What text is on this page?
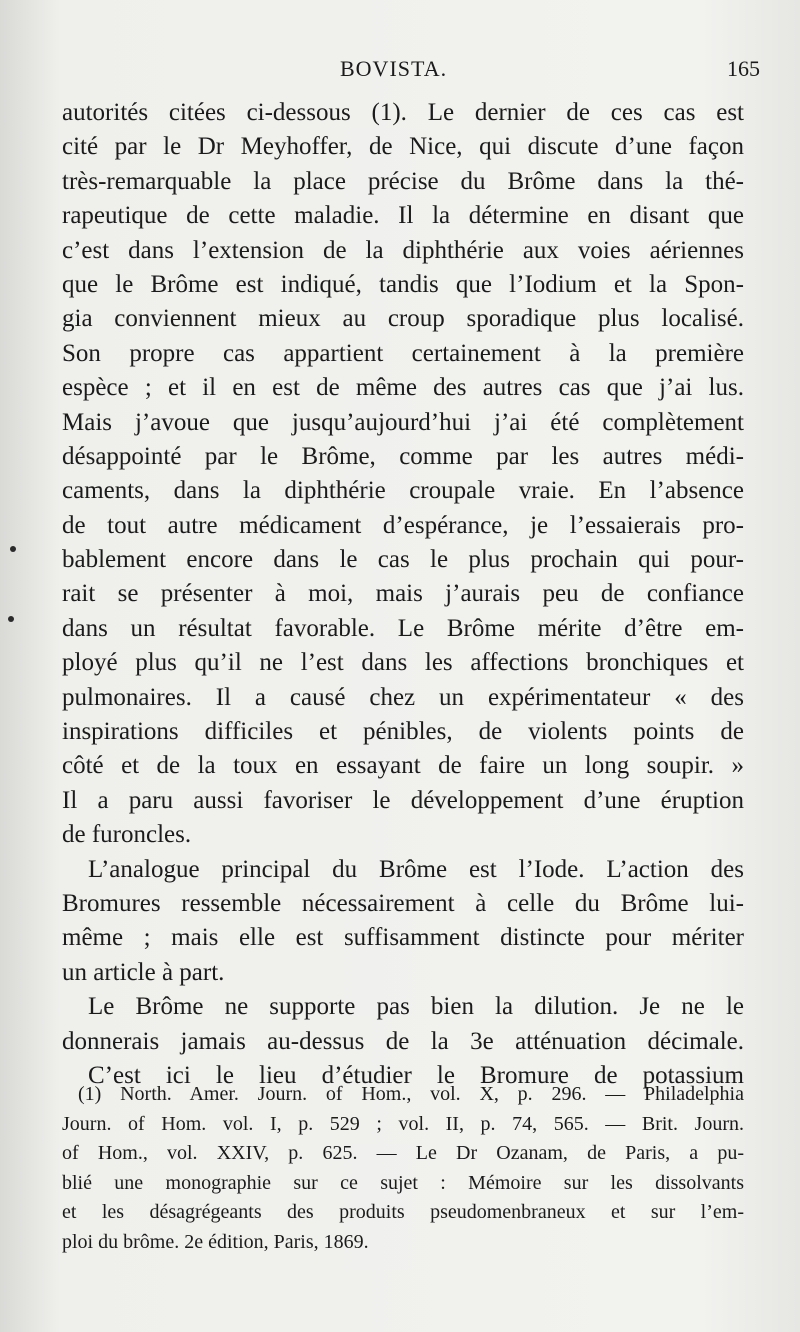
BOVISTA.	165
autorités citées ci-dessous (1). Le dernier de ces cas est
cité par le Dr Meyhoffer, de Nice, qui discute d’une façon
très-remarquable la place précise du Brôme dans la thé-
rapeutique de cette maladie. Il la détermine en disant que
c’est dans l’extension de la diphthérie aux voies aériennes
que le Brôme est indiqué, tandis que l’Iodium et la Spon-
gia conviennent mieux au croup sporadique plus localisé.
Son propre cas appartient certainement à la première
espèce ; et il en est de même des autres cas que j’ai lus.
Mais j’avoue que jusqu’aujourd’hui j’ai été complètement
désappointé par le Brôme, comme par les autres médi-
caments, dans la diphthérie croupale vraie. En l’absence
de tout autre médicament d’espérance, je l’essaierais pro-
bablement encore dans le cas le plus prochain qui pour-
rait se présenter à moi, mais j’aurais peu de confiance
dans un résultat favorable. Le Brôme mérite d’être em-
ployé plus qu’il ne l’est dans les affections bronchiques et
pulmonaires. Il a causé chez un expérimentateur « des
inspirations difficiles et pénibles, de violents points de
côté et de la toux en essayant de faire un long soupir. »
Il a paru aussi favoriser le développement d’une éruption
de furoncles.
L’analogue principal du Brôme est l’Iode. L’action des
Bromures ressemble nécessairement à celle du Brôme lui-
même ; mais elle est suffisamment distincte pour mériter
un article à part.
Le Brôme ne supporte pas bien la dilution. Je ne le
donnerais jamais au-dessus de la 3e atténuation décimale.
C’est ici le lieu d’étudier le Bromure de potassium
(1) North. Amer. Journ. of Hom., vol. X, p. 296. — Philadelphia
Journ. of Hom. vol. I, p. 529 ; vol. II, p. 74, 565. — Brit. Journ.
of Hom., vol. XXIV, p. 625. — Le Dr Ozanam, de Paris, a pu-
blié une monographie sur ce sujet : Mémoire sur les dissolvants
et les désagrégeants des produits pseudomenbraneux et sur l’em-
ploi du brôme. 2e édition, Paris, 1869.
